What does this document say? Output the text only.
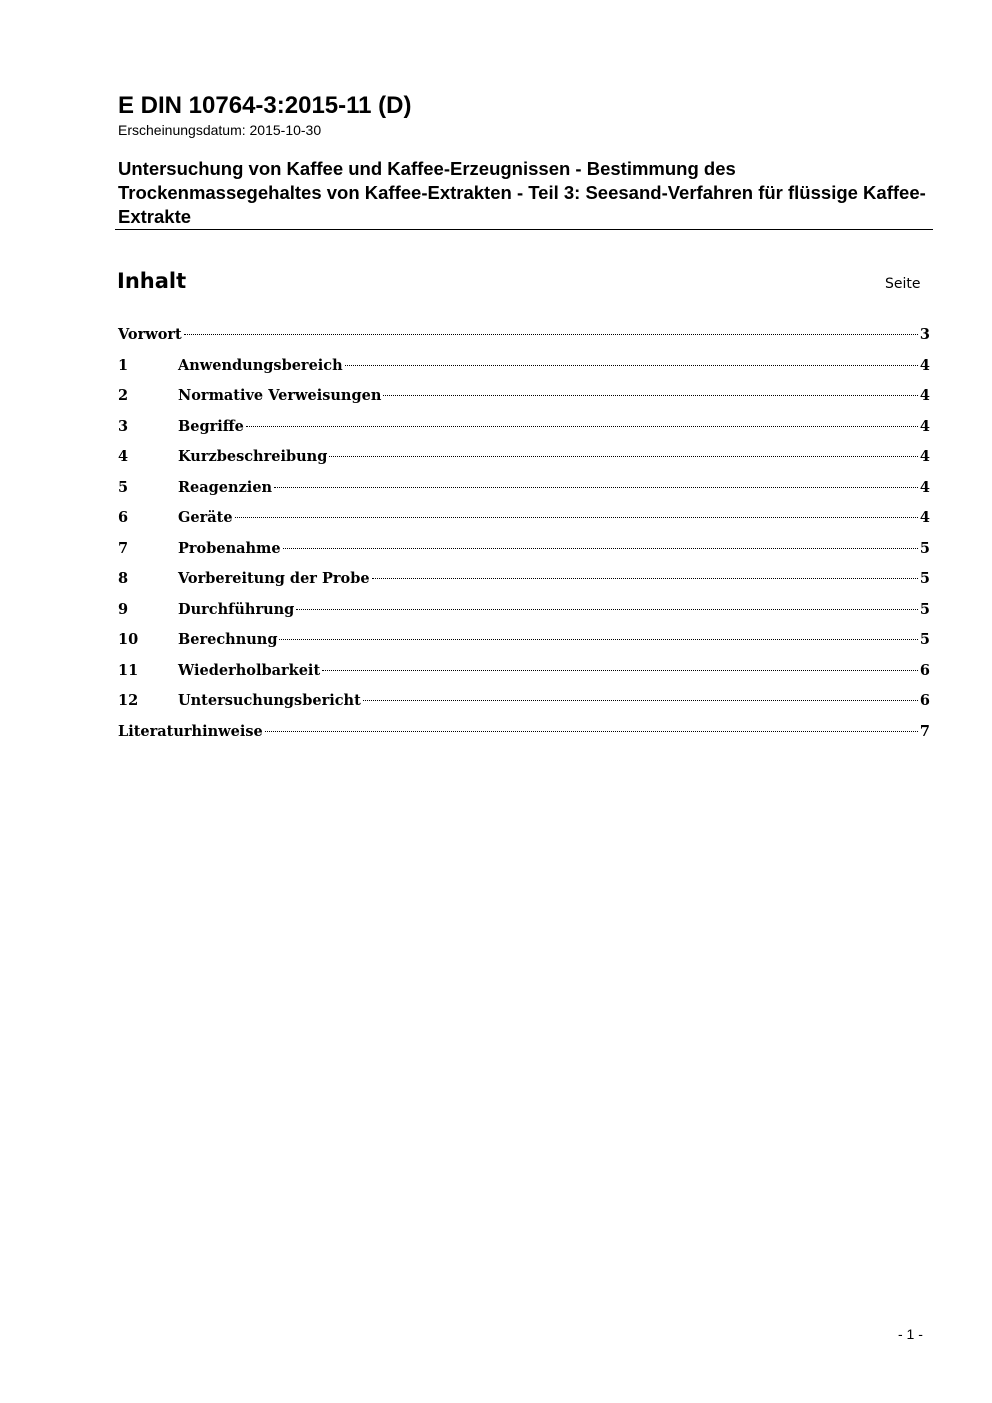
E DIN 10764-3:2015-11 (D)
Erscheinungsdatum: 2015-10-30
Untersuchung von Kaffee und Kaffee-Erzeugnissen - Bestimmung des Trockenmassegehaltes von Kaffee-Extrakten - Teil 3: Seesand-Verfahren für flüssige Kaffee-Extrakte
Inhalt	Seite
Vorwort	3
1	Anwendungsbereich	4
2	Normative Verweisungen	4
3	Begriffe	4
4	Kurzbeschreibung	4
5	Reagenzien	4
6	Geräte	4
7	Probenahme	5
8	Vorbereitung der Probe	5
9	Durchführung	5
10	Berechnung	5
11	Wiederholbarkeit	6
12	Untersuchungsbericht	6
Literaturhinweise	7
- 1 -
